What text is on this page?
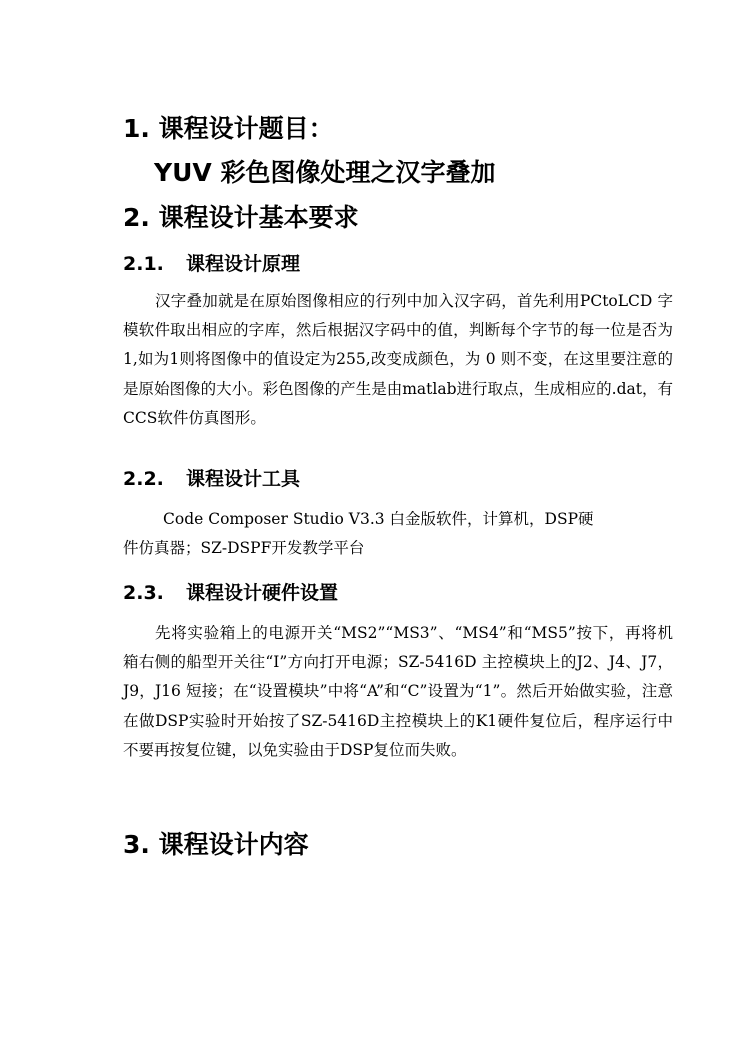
1. 课程设计题目：
YUV 彩色图像处理之汉字叠加
2. 课程设计基本要求
2.1. 课程设计原理
汉字叠加就是在原始图像相应的行列中加入汉字码，首先利用PCtoLCD 字模软件取出相应的字库，然后根据汉字码中的值，判断每个字节的每一位是否为1,如为1则将图像中的值设定为255,改变成颜色，为 0 则不变，在这里要注意的是原始图像的大小。彩色图像的产生是由matlab进行取点，生成相应的.dat，有CCS软件仿真图形。
2.2. 课程设计工具
Code Composer Studio V3.3 白金版软件，计算机，DSP硬
件仿真器；SZ-DSPF开发教学平台
2.3. 课程设计硬件设置
先将实验箱上的电源开关“MS2”“MS3”、“MS4”和“MS5”按下，再将机箱右侧的船型开关往“I”方向打开电源；SZ-5416D 主控模块上的J2、J4、J7，J9，J16 短接；在“设置模块”中将“A”和“C”设置为“1”。然后开始做实验，注意在做DSP实验时开始按了SZ-5416D主控模块上的K1硬件复位后，程序运行中不要再按复位键，以免实验由于DSP复位而失败。
3. 课程设计内容
